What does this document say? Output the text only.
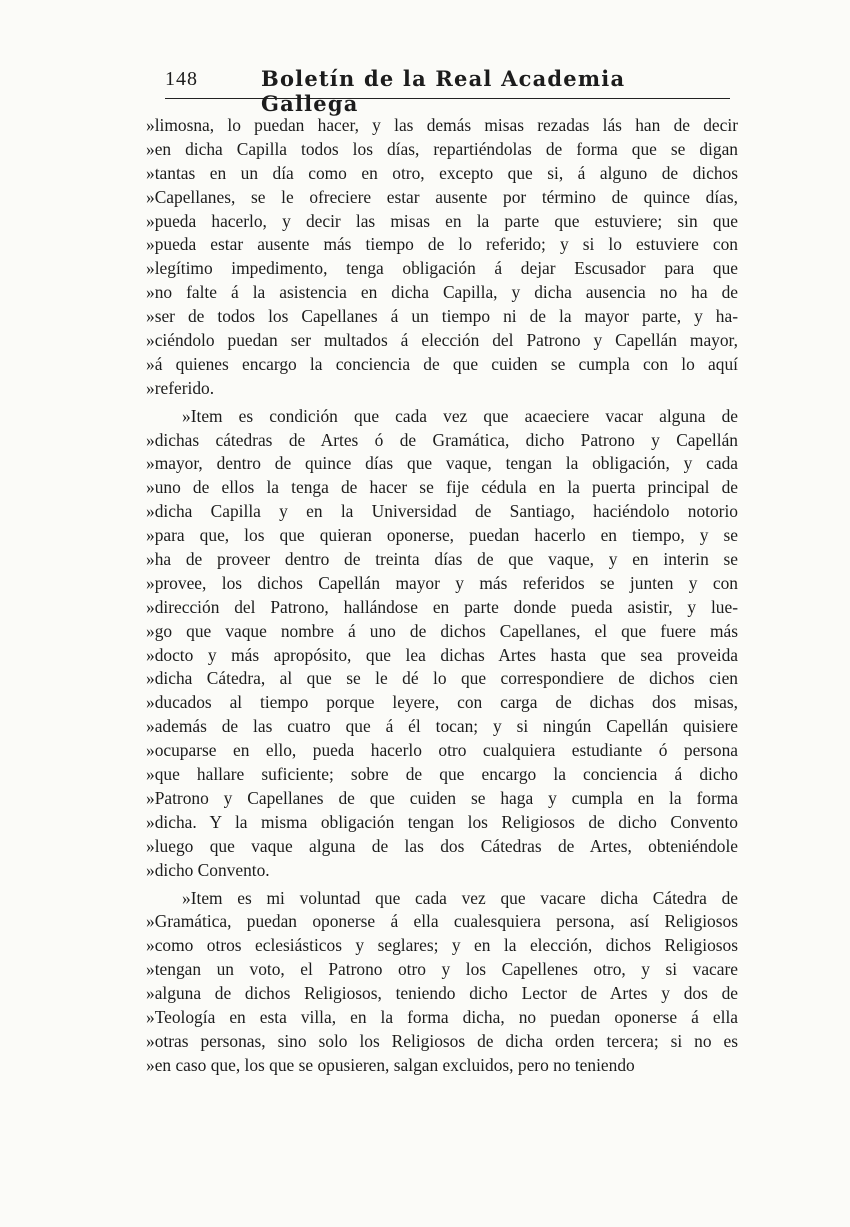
148	Boletín de la Real Academia Gallega
»limosna, lo puedan hacer, y las demás misas rezadas lás han de decir
»en dicha Capilla todos los días, repartiéndolas de forma que se digan
»tantas en un día como en otro, excepto que si, á alguno de dichos
»Capellanes, se le ofreciere estar ausente por término de quince días,
»pueda hacerlo, y decir las misas en la parte que estuviere; sin que
»pueda estar ausente más tiempo de lo referido; y si lo estuviere con
»legítimo impedimento, tenga obligación á dejar Escusador para que
»no falte á la asistencia en dicha Capilla, y dicha ausencia no ha de
»ser de todos los Capellanes á un tiempo ni de la mayor parte, y ha-
»ciéndolo puedan ser multados á elección del Patrono y Capellán mayor,
»á quienes encargo la conciencia de que cuiden se cumpla con lo aquí
»referido.
»Item es condición que cada vez que acaeciere vacar alguna de
»dichas cátedras de Artes ó de Gramática, dicho Patrono y Capellán
»mayor, dentro de quince días que vaque, tengan la obligación, y cada
»uno de ellos la tenga de hacer se fije cédula en la puerta principal de
»dicha Capilla y en la Universidad de Santiago, haciéndolo notorio
»para que, los que quieran oponerse, puedan hacerlo en tiempo, y se
»ha de proveer dentro de treinta días de que vaque, y en interin se
»provee, los dichos Capellán mayor y más referidos se junten y con
»dirección del Patrono, hallándose en parte donde pueda asistir, y lue-
»go que vaque nombre á uno de dichos Capellanes, el que fuere más
»docto y más apropósito, que lea dichas Artes hasta que sea proveida
»dicha Cátedra, al que se le dé lo que correspondiere de dichos cien
»ducados al tiempo porque leyere, con carga de dichas dos misas,
»además de las cuatro que á él tocan; y si ningún Capellán quisiere
»ocuparse en ello, pueda hacerlo otro cualquiera estudiante ó persona
»que hallare suficiente; sobre de que encargo la conciencia á dicho
»Patrono y Capellanes de que cuiden se haga y cumpla en la forma
»dicha. Y la misma obligación tengan los Religiosos de dicho Convento
»luego que vaque alguna de las dos Cátedras de Artes, obteniéndole
»dicho Convento.
»Item es mi voluntad que cada vez que vacare dicha Cátedra de
»Gramática, puedan oponerse á ella cualesquiera persona, así Religiosos
»como otros eclesiásticos y seglares; y en la elección, dichos Religiosos
»tengan un voto, el Patrono otro y los Capellenes otro, y si vacare
»alguna de dichos Religiosos, teniendo dicho Lector de Artes y dos de
»Teología en esta villa, en la forma dicha, no puedan oponerse á ella
»otras personas, sino solo los Religiosos de dicha orden tercera; si no es
»en caso que, los que se opusieren, salgan excluidos, pero no teniendo
